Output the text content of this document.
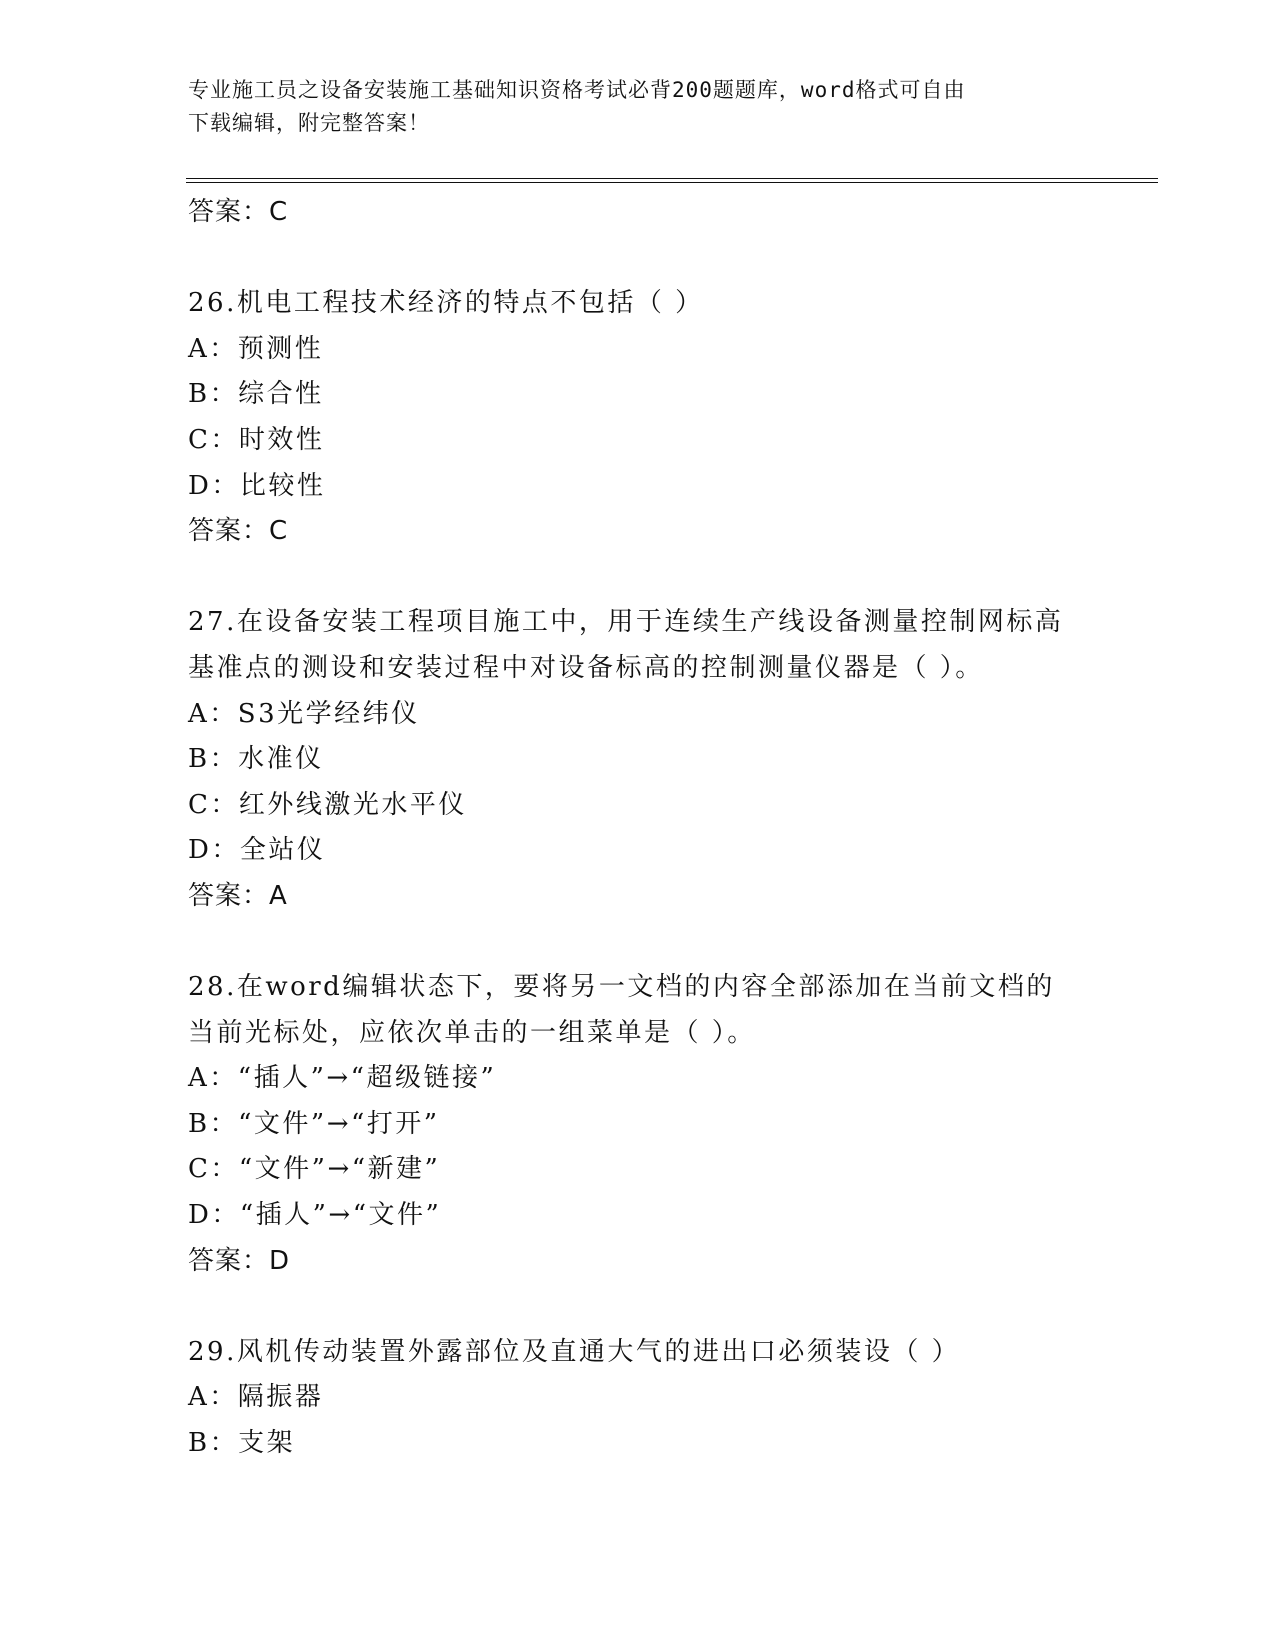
专业施工员之设备安装施工基础知识资格考试必背200题题库，word格式可自由
下载编辑，附完整答案！
答案：C
26.机电工程技术经济的特点不包括（ ）
A：预测性
B：综合性
C：时效性
D：比较性
答案：C
27.在设备安装工程项目施工中，用于连续生产线设备测量控制网标高
基准点的测设和安装过程中对设备标高的控制测量仪器是（ ）。
A：S3光学经纬仪
B：水准仪
C：红外线激光水平仪
D：全站仪
答案：A
28.在word编辑状态下，要将另一文档的内容全部添加在当前文档的
当前光标处，应依次单击的一组菜单是（ ）。
A：“插人”→“超级链接”
B：“文件”→“打开”
C：“文件”→“新建”
D：“插人”→“文件”
答案：D
29.风机传动装置外露部位及直通大气的进出口必须装设（ ）
A：隔振器
B：支架
